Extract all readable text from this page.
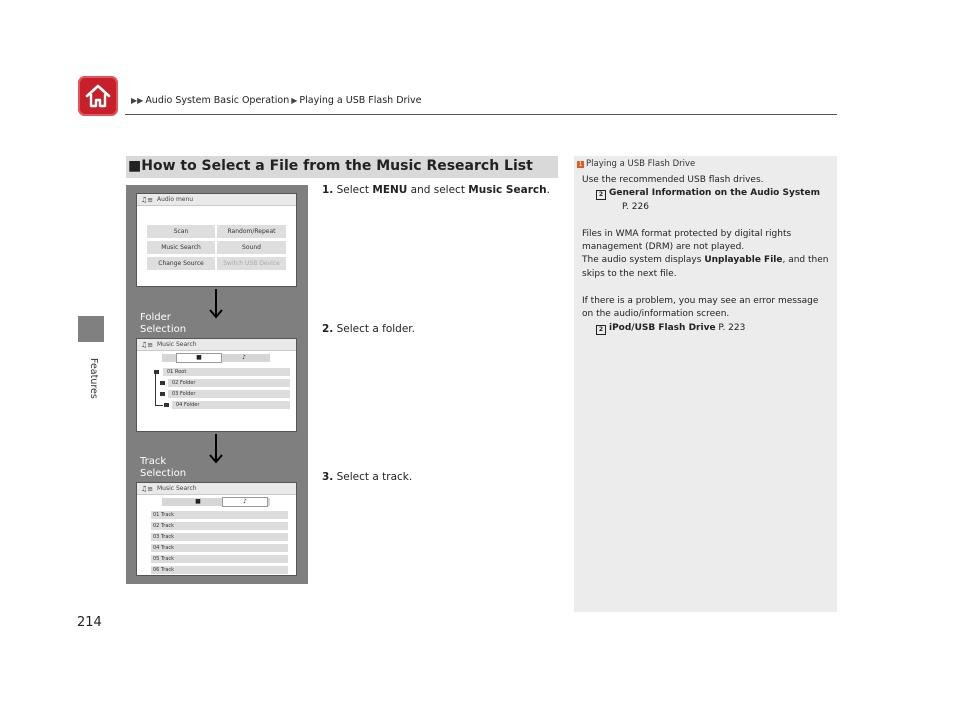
▶▶ Audio System Basic Operation ▶ Playing a USB Flash Drive
Features
214
■How to Select a File from the Music Research List
♫≡ Audio menu
Scan	Random/Repeat
Music Search	Sound
Change Source	Switch USB Device
Folder
Selection
♫≡ Music Search
■	♪
01 Root
02 Folder
03 Folder
04 Folder
Track
Selection
♫≡ Music Search
■	♪
01 Track
02 Track
03 Track
04 Track
05 Track
06 Track
1. Select MENU and select Music Search.
2. Select a folder.
3. Select a track.
1 Playing a USB Flash Drive
Use the recommended USB flash drives.
2 General Information on the Audio System
P. 226
Files in WMA format protected by digital rights
management (DRM) are not played.
The audio system displays Unplayable File, and then
skips to the next file.
If there is a problem, you may see an error message
on the audio/information screen.
2 iPod/USB Flash Drive P. 223
